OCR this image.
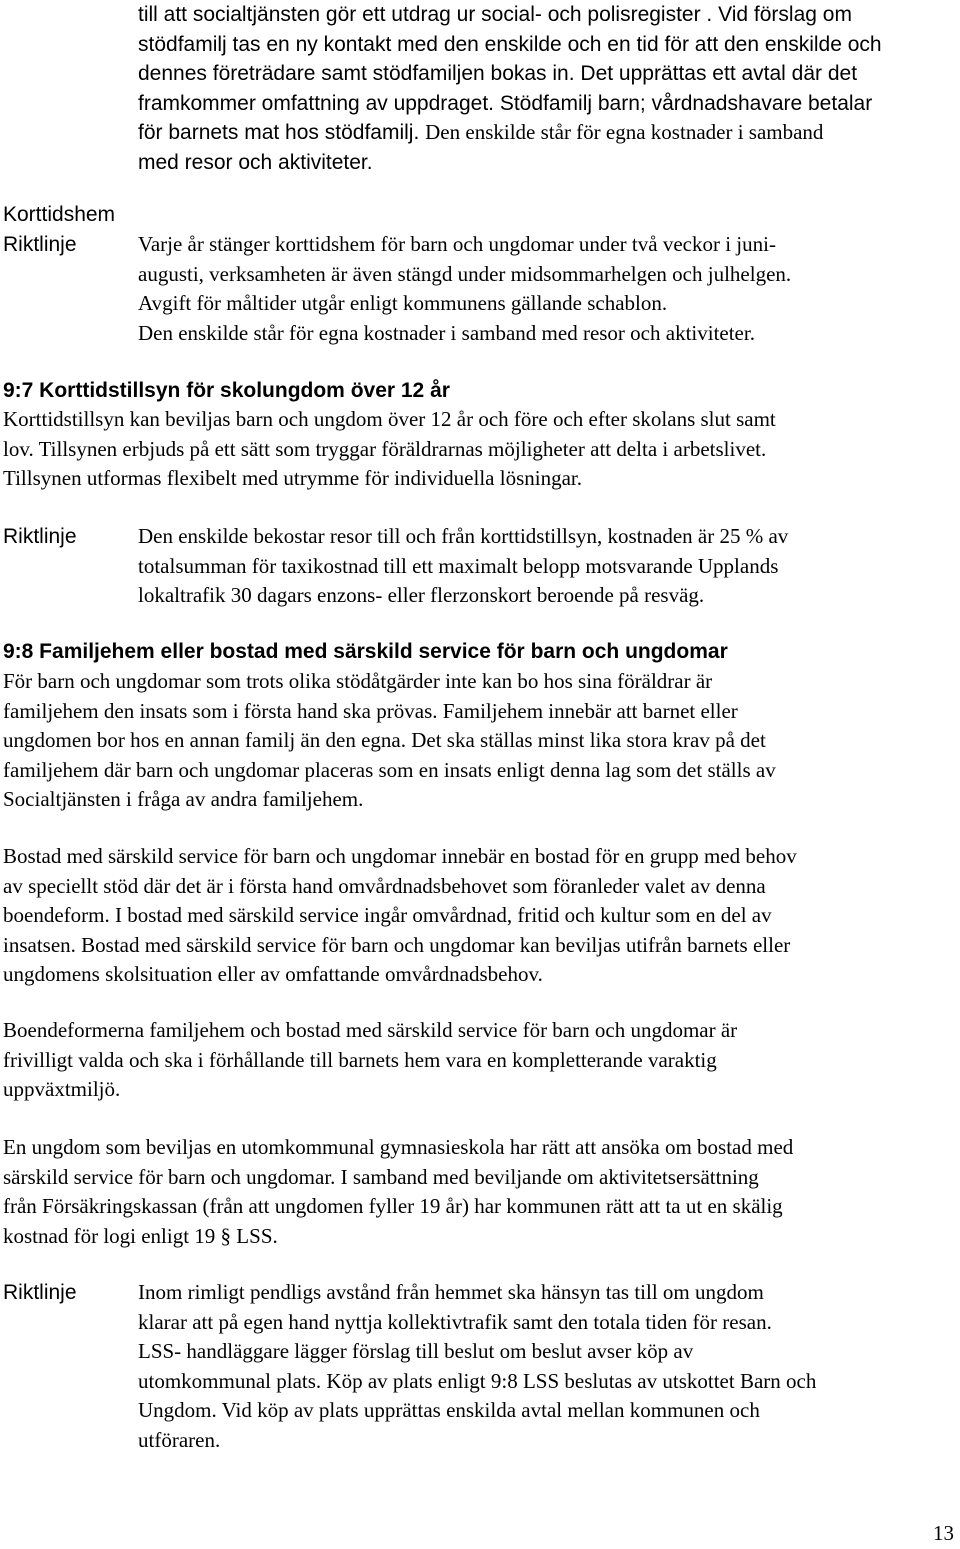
till att socialtjänsten gör ett utdrag ur social- och polisregister . Vid förslag om
stödfamilj tas en ny kontakt med den enskilde och en tid för att den enskilde och
dennes företrädare samt stödfamiljen bokas in. Det upprättas ett avtal där det
framkommer omfattning av uppdraget. Stödfamilj barn; vårdnadshavare betalar
för barnets mat hos stödfamilj. Den enskilde står för egna kostnader i samband
med resor och aktiviteter.
Korttidshem
Riktlinje	Varje år stänger korttidshem för barn och ungdomar under två veckor i juni-
augusti, verksamheten är även stängd under midsommarhelgen och julhelgen.
Avgift för måltider utgår enligt kommunens gällande schablon.
Den enskilde står för egna kostnader i samband med resor och aktiviteter.
9:7 Korttidstillsyn för skolungdom över 12 år
Korttidstillsyn kan beviljas barn och ungdom över 12 år och före och efter skolans slut samt
lov. Tillsynen erbjuds på ett sätt som tryggar föräldrarnas möjligheter att delta i arbetslivet.
Tillsynen utformas flexibelt med utrymme för individuella lösningar.
Riktlinje	Den enskilde bekostar resor till och från korttidstillsyn, kostnaden är 25 % av
totalsumman för taxikostnad till ett maximalt belopp motsvarande Upplands
lokaltrafik 30 dagars enzons- eller flerzonskort beroende på resväg.
9:8 Familjehem eller bostad med särskild service för barn och ungdomar
För barn och ungdomar som trots olika stödåtgärder inte kan bo hos sina föräldrar är
familjehem den insats som i första hand ska prövas. Familjehem innebär att barnet eller
ungdomen bor hos en annan familj än den egna. Det ska ställas minst lika stora krav på det
familjehem där barn och ungdomar placeras som en insats enligt denna lag som det ställs av
Socialtjänsten i fråga av andra familjehem.
Bostad med särskild service för barn och ungdomar innebär en bostad för en grupp med behov
av speciellt stöd där det är i första hand omvårdnadsbehovet som föranleder valet av denna
boendeform. I bostad med särskild service ingår omvårdnad, fritid och kultur som en del av
insatsen. Bostad med särskild service för barn och ungdomar kan beviljas utifrån barnets eller
ungdomens skolsituation eller av omfattande omvårdnadsbehov.
Boendeformerna familjehem och bostad med särskild service för barn och ungdomar är
frivilligt valda och ska i förhållande till barnets hem vara en kompletterande varaktig
uppväxtmiljö.
En ungdom som beviljas en utomkommunal gymnasieskola har rätt att ansöka om bostad med
särskild service för barn och ungdomar. I samband med beviljande om aktivitetsersättning
från Försäkringskassan (från att ungdomen fyller 19 år) har kommunen rätt att ta ut en skälig
kostnad för logi enligt 19 § LSS.
Riktlinje	Inom rimligt pendligs avstånd från hemmet ska hänsyn tas till om ungdom
klarar att på egen hand nyttja kollektivtrafik samt den totala tiden för resan.
LSS- handläggare lägger förslag till beslut om beslut avser köp av
utomkommunal plats. Köp av plats enligt 9:8 LSS beslutas av utskottet Barn och
Ungdom. Vid köp av plats upprättas enskilda avtal mellan kommunen och
utföraren.
13
